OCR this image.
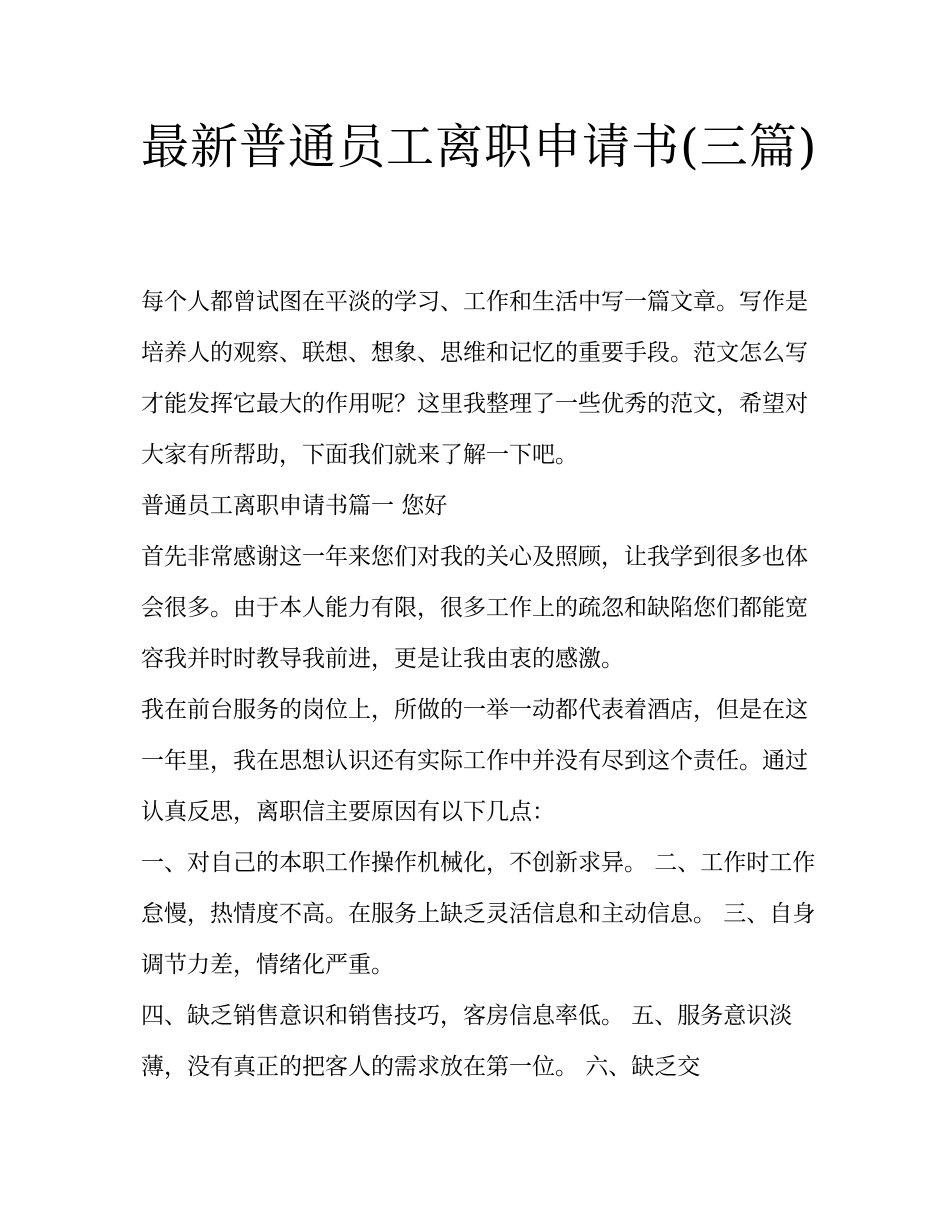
最新普通员工离职申请书(三篇)

每个人都曾试图在平淡的学习、工作和生活中写一篇文章。写作是培养人的观察、联想、想象、思维和记忆的重要手段。范文怎么写才能发挥它最大的作用呢？这里我整理了一些优秀的范文，希望对大家有所帮助，下面我们就来了解一下吧。

普通员工离职申请书篇一 您好

首先非常感谢这一年来您们对我的关心及照顾，让我学到很多也体会很多。由于本人能力有限，很多工作上的疏忽和缺陷您们都能宽容我并时时教导我前进，更是让我由衷的感激。

我在前台服务的岗位上，所做的一举一动都代表着酒店，但是在这一年里，我在思想认识还有实际工作中并没有尽到这个责任。通过认真反思，离职信主要原因有以下几点：

一、对自己的本职工作操作机械化，不创新求异。 二、工作时工作怠慢，热情度不高。在服务上缺乏灵活信息和主动信息。 三、自身调节力差，情绪化严重。

四、缺乏销售意识和销售技巧，客房信息率低。 五、服务意识淡薄，没有真正的把客人的需求放在第一位。 六、缺乏交
